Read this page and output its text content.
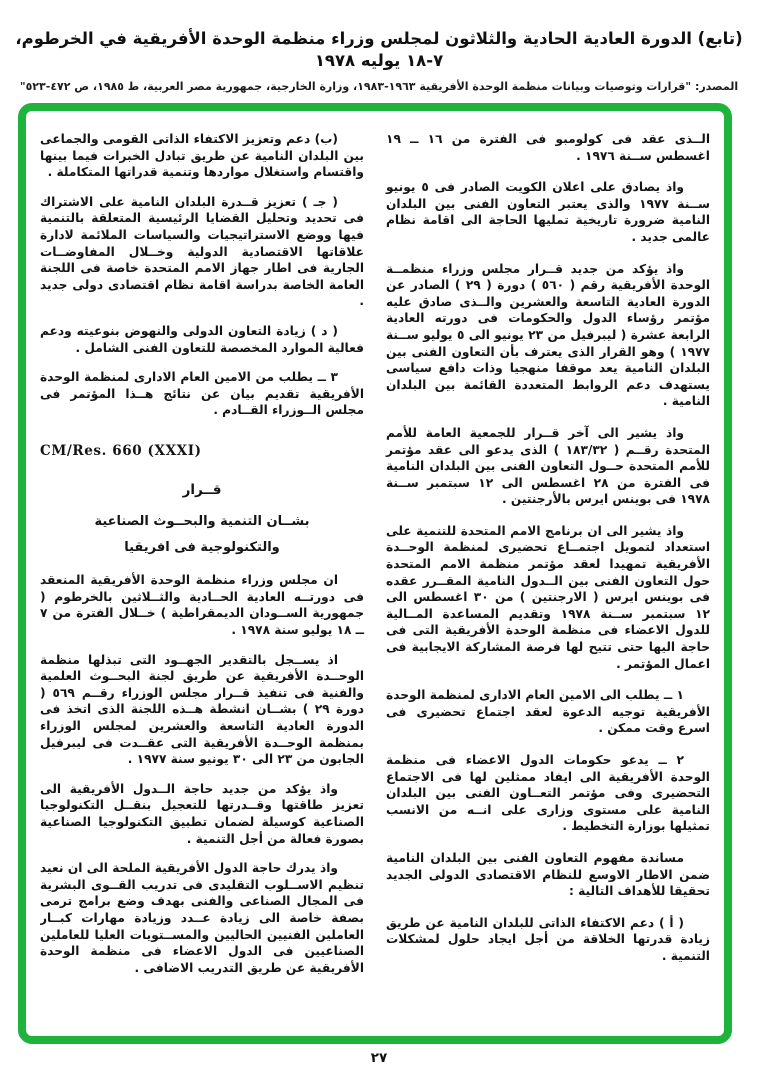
(تابع) الدورة العادية الحادية والثلاثون لمجلس وزراء منظمة الوحدة الأفريقية في الخرطوم، ٧-١٨ يوليه ١٩٧٨
المصدر: "قرارات وتوصيات وبيانات منظمة الوحدة الأفريقية ١٩٦٣-١٩٨٣، وزارة الخارجية، جمهورية مصر العربية، ط ١٩٨٥، ص ٤٧٢-٥٢٣"

الــذى عقد فى كولومبو فى الفترة من ١٦ ــ ١٩ اغسطس ســنة ١٩٧٦ .

واذ يصادق على اعلان الكويت الصادر فى ٥ يونيو ســنة ١٩٧٧ والذى يعتبر التعاون الفنى بين البلدان النامية ضرورة تاريخية تمليها الحاجة الى اقامة نظام عالمى جديد .

واذ يؤكد من جديد قــرار مجلس وزراء منظمــة الوحدة الأفريقية رقم ( ٥٦٠ ) دورة ( ٢٩ ) الصادر عن الدورة العادية التاسعة والعشرين والــذى صادق عليه مؤتمر رؤساء الدول والحكومات فى دورته العادية الرابعة عشرة ( ليبرفيل من ٢٣ يونيو الى ٥ يوليو ســنة ١٩٧٧ ) وهو القرار الذى يعترف بأن التعاون الفنى بين البلدان النامية يعد موقفا منهجيا وذات دافع سياسى يستهدف دعم الروابط المتعددة القائمة بين البلدان النامية .

واذ يشير الى آخر قــرار للجمعية العامة للأمم المتحدة رقــم ( ١٨٣/٣٢ ) الذى يدعو الى عقد مؤتمر للأمم المتحدة حــول التعاون الفنى بين البلدان النامية فى الفترة من ٢٨ اغسطس الى ١٢ سبتمبر ســنة ١٩٧٨ فى بوينس ايرس بالأرجنتين .

واذ يشير الى ان برنامج الامم المتحدة للتنمية على استعداد لتمويل اجتمــاع تحضيرى لمنظمة الوحــدة الأفريقية تمهيدا لعقد مؤتمر منظمة الامم المتحدة حول التعاون الفنى بين الــدول النامية المقــرر عقده فى بوينس ايرس ( الارجنتين ) من ٣٠ اغسطس الى ١٢ سبتمبر ســنة ١٩٧٨ وتقديم المساعدة المــالية للدول الاعضاء فى منظمة الوحدة الأفريقية التى فى حاجة اليها حتى تتيح لها فرصة المشاركة الايجابية فى اعمال المؤتمر .

١ ــ يطلب الى الامين العام الادارى لمنظمة الوحدة الأفريقية توجيه الدعوة لعقد اجتماع تحضيرى فى اسرع وقت ممكن .

٢ ــ يدعو حكومات الدول الاعضاء فى منظمة الوحدة الأفريقية الى ايفاد ممثلين لها فى الاجتماع التحضيرى وفى مؤتمر التعــاون الفنى بين البلدان النامية على مستوى وزارى على انــه من الانسب تمثيلها بوزارة التخطيط .

مساندة مفهوم التعاون الفنى بين البلدان النامية ضمن الاطار الاوسع للنظام الاقتصادى الدولى الجديد تحقيقا للأهداف التالية :

( أ ) دعم الاكتفاء الذاتى للبلدان النامية عن طريق زيادة قدرتها الخلاقة من أجل ايجاد حلول لمشكلات التنمية .

(ب) دعم وتعزيز الاكتفاء الذاتى القومى والجماعى بين البلدان النامية عن طريق تبادل الخبرات فيما بينها واقتسام واستغلال مواردها وتنمية قدراتها المتكاملة .

( جـ ) تعزيز قــدرة البلدان النامية على الاشتراك فى تحديد وتحليل القضايا الرئيسية المتعلقة بالتنمية فيها ووضع الاستراتيجيات والسياسات الملائمة لادارة علاقاتها الاقتصادية الدولية وخــلال المفاوضــات الجارية فى اطار جهاز الامم المتحدة خاصة فى اللجنة العامة الخاصة بدراسة اقامة نظام اقتصادى دولى جديد .

( د ) زيادة التعاون الدولى والنهوض بنوعيته ودعم فعالية الموارد المخصصة للتعاون الفنى الشامل .

٣ ــ يطلب من الامين العام الادارى لمنظمة الوحدة الأفريقية تقديم بيان عن نتائج هــذا المؤتمر فى مجلس الــوزراء القــادم .

CM/Res. 660 (XXXI)

قــرار

بشــان التنمية والبحــوث الصناعية

والتكنولوجية فى افريقيا

ان مجلس وزراء منظمة الوحدة الأفريقية المنعقد فى دورتــه العادية الحــادية والثــلاثين بالخرطوم ( جمهورية الســودان الديمقراطية ) خــلال الفترة من ٧ ــ ١٨ يوليو سنة ١٩٧٨ .

اذ يســجل بالتقدير الجهــود التى تبذلها منظمة الوحــدة الأفريقية عن طريق لجنة البحــوث العلمية والفنية فى تنفيذ قــرار مجلس الوزراء رقــم ٥٦٩ ( دورة ٢٩ ) بشــان انشطة هــذه اللجنة الذى اتخذ فى الدورة العادية التاسعة والعشرين لمجلس الوزراء بمنظمة الوحــدة الأفريقية التى عقــدت فى ليبرفيل الجابون من ٢٣ الى ٣٠ يونيو سنة ١٩٧٧ .

واذ يؤكد من جديد حاجة الــدول الأفريقية الى تعزيز طاقتها وقــدرتها للتعجيل بنقــل التكنولوجيا الصناعية كوسيلة لضمان تطبيق التكنولوجيا الصناعية بصورة فعالة من أجل التنمية .

واذ يدرك حاجة الدول الأفريقية الملحة الى ان نعيد تنظيم الاســلوب التقليدى فى تدريب القــوى البشرية فى المجال الصناعى والفنى بهدف وضع برامج ترمى بصفة خاصة الى زيادة عــدد وزيادة مهارات كبــار العاملين الفنيين الحاليين والمســتويات العليا للعاملين الصناعيين فى الدول الاعضاء فى منظمة الوحدة الأفريقية عن طريق التدريب الاضافى .

٢٧
